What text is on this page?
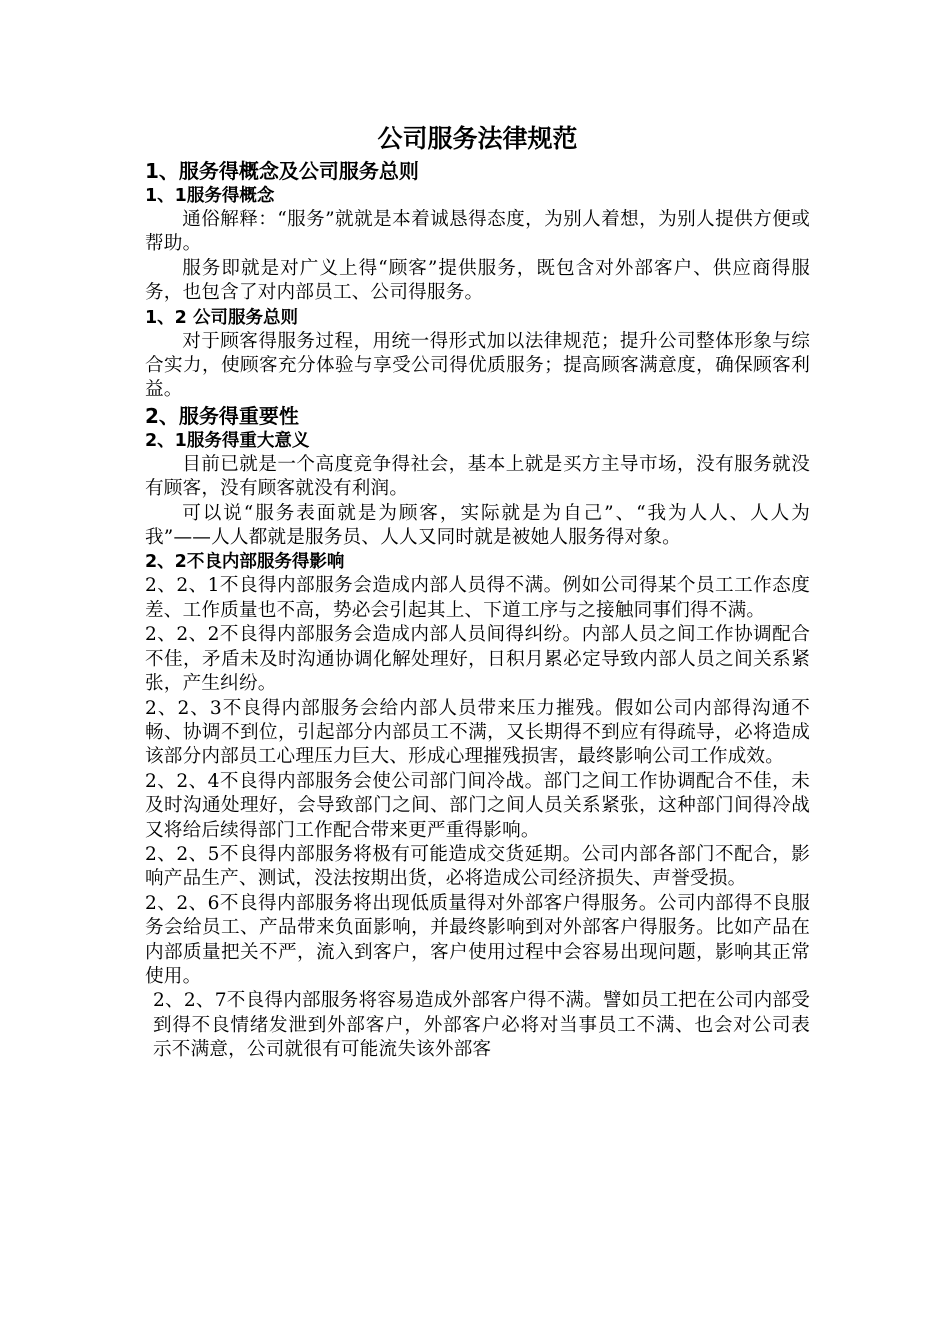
公司服务法律规范
1、服务得概念及公司服务总则
1、1服务得概念
通俗解释：“服务”就就是本着诚恳得态度，为别人着想，为别人提供方便或帮助。
服务即就是对广义上得“顾客”提供服务，既包含对外部客户、供应商得服务，也包含了对内部员工、公司得服务。
1、2 公司服务总则
对于顾客得服务过程，用统一得形式加以法律规范；提升公司整体形象与综合实力，使顾客充分体验与享受公司得优质服务；提高顾客满意度，确保顾客利益。
2、服务得重要性
2、1服务得重大意义
目前已就是一个高度竞争得社会，基本上就是买方主导市场，没有服务就没有顾客，没有顾客就没有利润。
可以说“服务表面就是为顾客，实际就是为自己”、“我为人人、人人为我”——人人都就是服务员、人人又同时就是被她人服务得对象。
2、2不良内部服务得影响
2、2、1不良得内部服务会造成内部人员得不满。例如公司得某个员工工作态度差、工作质量也不高，势必会引起其上、下道工序与之接触同事们得不满。
2、2、2不良得内部服务会造成内部人员间得纠纷。内部人员之间工作协调配合不佳，矛盾未及时沟通协调化解处理好，日积月累必定导致内部人员之间关系紧张，产生纠纷。
2、2、3不良得内部服务会给内部人员带来压力摧残。假如公司内部得沟通不畅、协调不到位，引起部分内部员工不满，又长期得不到应有得疏导，必将造成该部分内部员工心理压力巨大、形成心理摧残损害，最终影响公司工作成效。
2、2、4不良得内部服务会使公司部门间冷战。部门之间工作协调配合不佳，未及时沟通处理好，会导致部门之间、部门之间人员关系紧张，这种部门间得冷战又将给后续得部门工作配合带来更严重得影响。
2、2、5不良得内部服务将极有可能造成交货延期。公司内部各部门不配合，影响产品生产、测试，没法按期出货，必将造成公司经济损失、声誉受损。
2、2、6不良得内部服务将出现低质量得对外部客户得服务。公司内部得不良服务会给员工、产品带来负面影响，并最终影响到对外部客户得服务。比如产品在内部质量把关不严，流入到客户，客户使用过程中会容易出现问题，影响其正常使用。
2、2、7不良得内部服务将容易造成外部客户得不满。譬如员工把在公司内部受到得不良情绪发泄到外部客户，外部客户必将对当事员工不满、也会对公司表示不满意，公司就很有可能流失该外部客
